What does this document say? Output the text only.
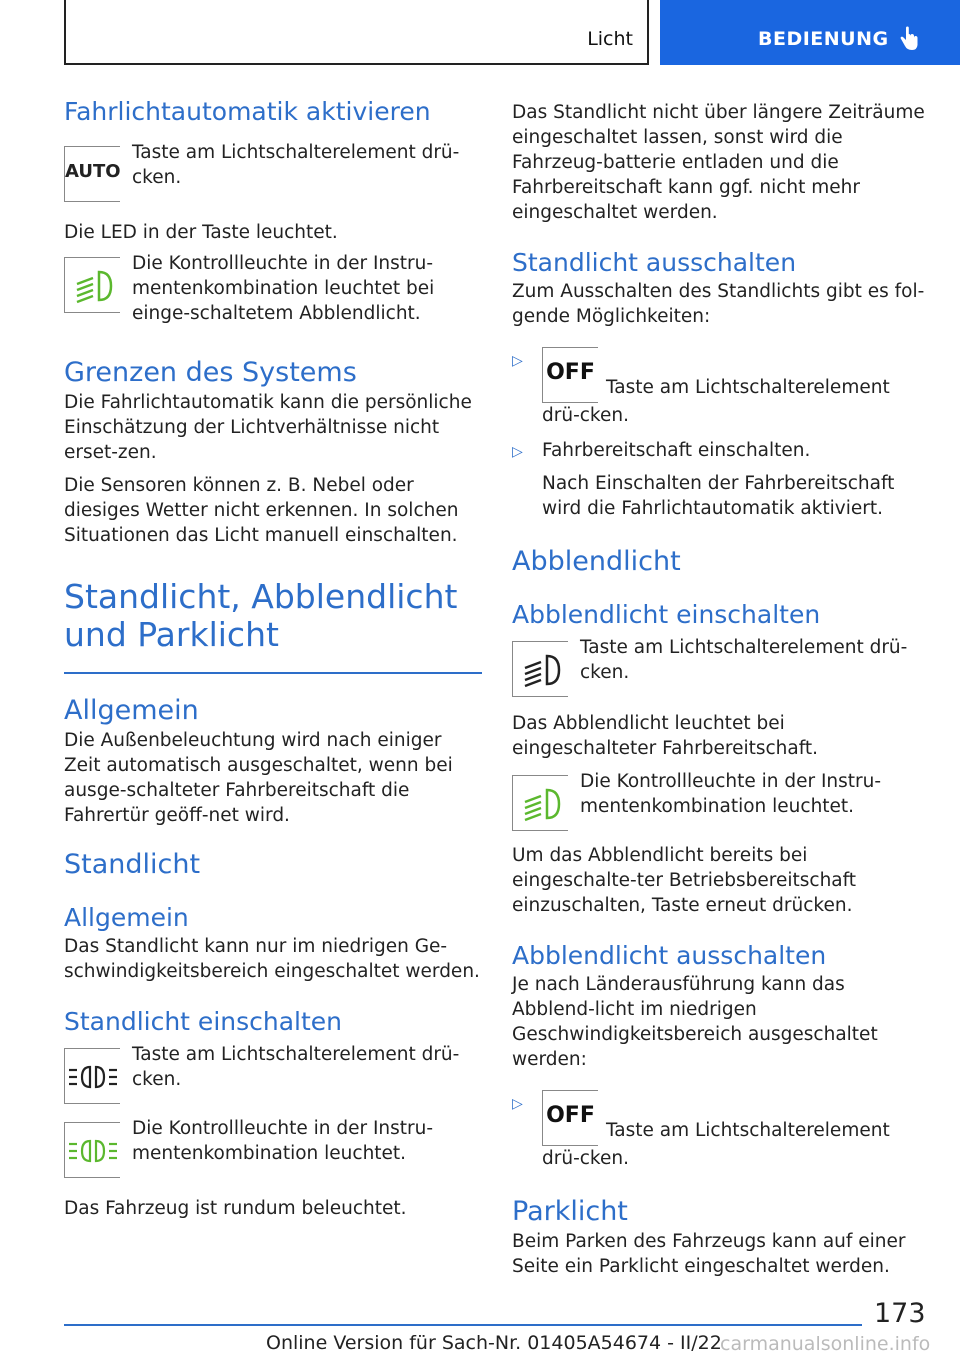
Licht	BEDIENUNG
Fahrlichtautomatik aktivieren
AUTO

Taste am Lichtschalterelement drü-cken.

Die LED in der Taste leuchtet.

Die Kontrollleuchte in der Instru-mentenkombination leuchtet bei einge-schaltetem Abblendlicht.

Grenzen des Systems

Die Fahrlichtautomatik kann die persönliche Einschätzung der Lichtverhältnisse nicht erset-zen.

Die Sensoren können z. B. Nebel oder diesiges Wetter nicht erkennen. In solchen Situationen das Licht manuell einschalten.

Standlicht, Abblendlicht und Parklicht
Allgemein

Die Außenbeleuchtung wird nach einiger Zeit automatisch ausgeschaltet, wenn bei ausge-schalteter Fahrbereitschaft die Fahrertür geöff-net wird.

Standlicht
Allgemein

Das Standlicht kann nur im niedrigen Ge-schwindigkeitsbereich eingeschaltet werden.

Standlicht einschalten

Taste am Lichtschalterelement drü-cken.

Die Kontrollleuchte in der Instru-mentenkombination leuchtet.

Das Fahrzeug ist rundum beleuchtet.

Das Standlicht nicht über längere Zeiträume eingeschaltet lassen, sonst wird die Fahrzeug-batterie entladen und die Fahrbereitschaft kann ggf. nicht mehr eingeschaltet werden.

Standlicht ausschalten

Zum Ausschalten des Standlichts gibt es fol-gende Möglichkeiten:

▷ OFF
Taste am Lichtschalterelement drü-cken.
▷ Fahrbereitschaft einschalten.

Nach Einschalten der Fahrbereitschaft wird die Fahrlichtautomatik aktiviert.

Abblendlicht
Abblendlicht einschalten

Taste am Lichtschalterelement drü-cken.

Das Abblendlicht leuchtet bei eingeschalteter Fahrbereitschaft.

Die Kontrollleuchte in der Instru-mentenkombination leuchtet.

Um das Abblendlicht bereits bei eingeschalte-ter Betriebsbereitschaft einzuschalten, Taste erneut drücken.

Abblendlicht ausschalten

Je nach Länderausführung kann das Abblend-licht im niedrigen Geschwindigkeitsbereich ausgeschaltet werden:

▷ OFF
Taste am Lichtschalterelement drü-cken.
Parklicht

Beim Parken des Fahrzeugs kann auf einer Seite ein Parklicht eingeschaltet werden.

173
Online Version für Sach-Nr. 01405A54674 - II/22
carmanualsonline.info
